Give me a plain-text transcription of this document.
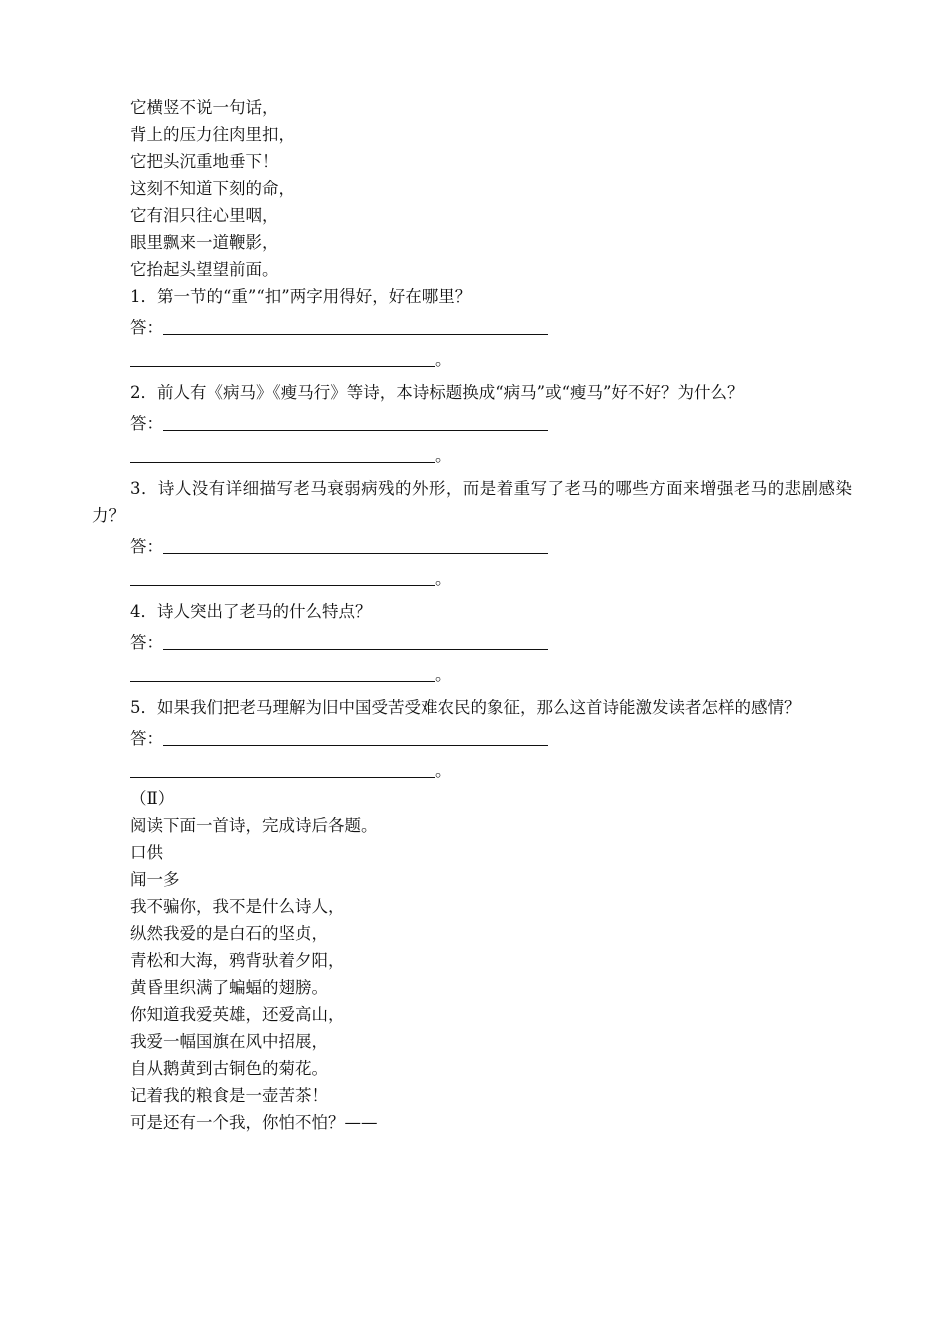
它横竖不说一句话，
背上的压力往肉里扣，
它把头沉重地垂下！
这刻不知道下刻的命，
它有泪只往心里咽，
眼里飘来一道鞭影，
它抬起头望望前面。
1．第一节的“重”“扣”两字用得好，好在哪里？
答：
。
2．前人有《病马》《瘦马行》等诗，本诗标题换成“病马”或“瘦马”好不好？为什么？
答：
。
3．诗人没有详细描写老马衰弱病残的外形，而是着重写了老马的哪些方面来增强老马的悲剧感染力？
答：
。
4．诗人突出了老马的什么特点？
答：
。
5．如果我们把老马理解为旧中国受苦受难农民的象征，那么这首诗能激发读者怎样的感情？
答：
。
（Ⅱ）
阅读下面一首诗，完成诗后各题。
口供
闻一多
我不骗你，我不是什么诗人，
纵然我爱的是白石的坚贞，
青松和大海，鸦背驮着夕阳，
黄昏里织满了蝙蝠的翅膀。
你知道我爱英雄，还爱高山，
我爱一幅国旗在风中招展，
自从鹅黄到古铜色的菊花。
记着我的粮食是一壶苦茶！
可是还有一个我，你怕不怕？——
